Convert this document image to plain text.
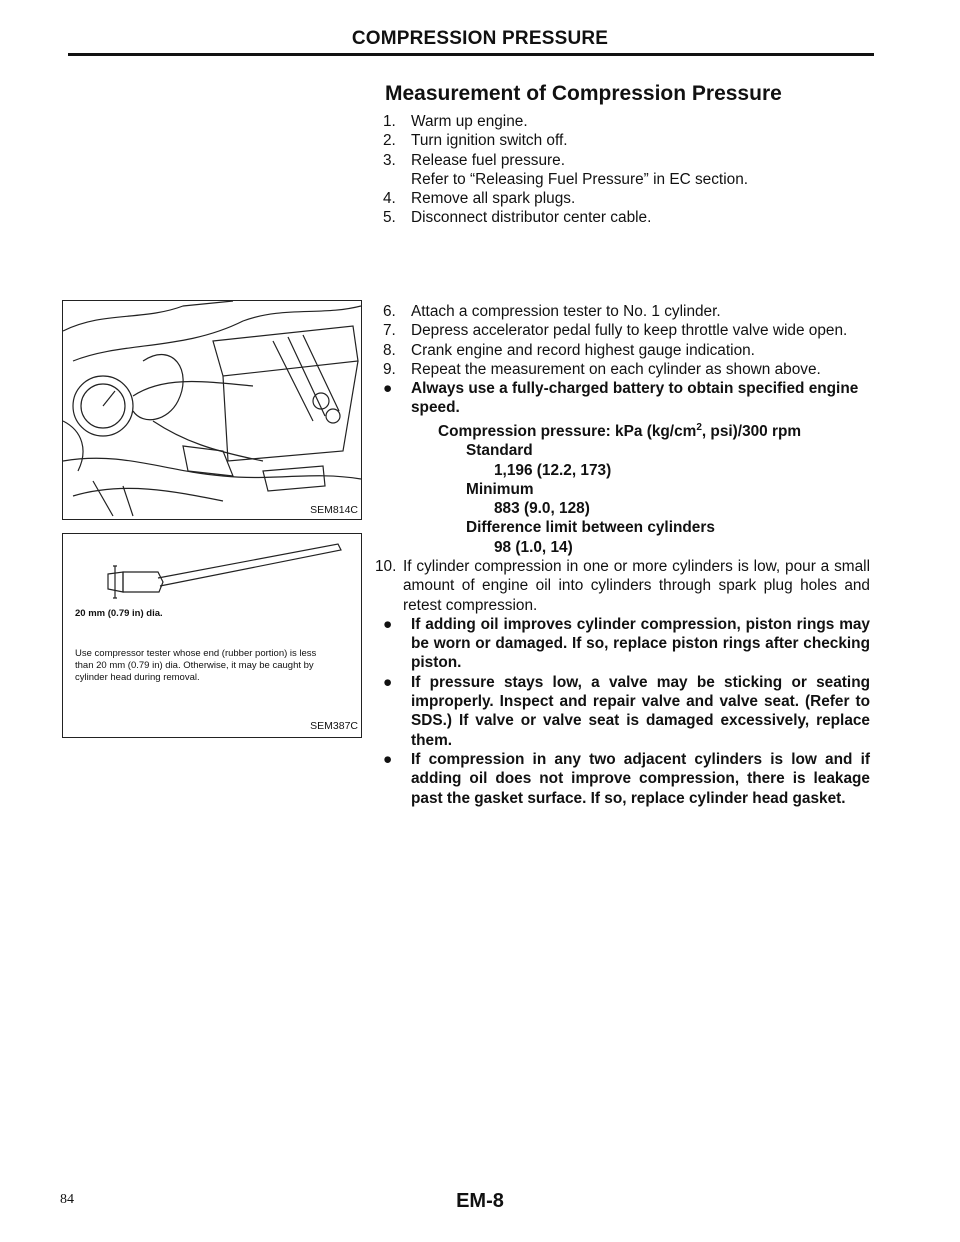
COMPRESSION PRESSURE
Measurement of Compression Pressure
1. Warm up engine.
2. Turn ignition switch off.
3. Release fuel pressure.
Refer to “Releasing Fuel Pressure” in EC section.
4. Remove all spark plugs.
5. Disconnect distributor center cable.
6. Attach a compression tester to No. 1 cylinder.
7. Depress accelerator pedal fully to keep throttle valve wide open.
8. Crank engine and record highest gauge indication.
9. Repeat the measurement on each cylinder as shown above.
●	Always use a fully-charged battery to obtain specified engine speed.
Compression pressure: kPa ($kg/cm^2$, psi)/300 rpm
Standard
1,196 (12.2, 173)
Minimum
883 (9.0, 128)
Difference limit between cylinders
98 (1.0, 14)
10. If cylinder compression in one or more cylinders is low, pour a small amount of engine oil into cylinders through spark plug holes and retest compression.
●	If adding oil improves cylinder compression, piston rings may be worn or damaged. If so, replace piston rings after checking piston.
●	If pressure stays low, a valve may be sticking or seating improperly. Inspect and repair valve and valve seat. (Refer to SDS.) If valve or valve seat is damaged excessively, replace them.
●	If compression in any two adjacent cylinders is low and if adding oil does not improve compression, there is leakage past the gasket surface. If so, replace cylinder head gasket.
SEM814C
20 mm (0.79 in) dia.
Use compressor tester whose end (rubber portion) is less than 20 mm (0.79 in) dia. Otherwise, it may be caught by cylinder head during removal.
SEM387C
84	EM-8
